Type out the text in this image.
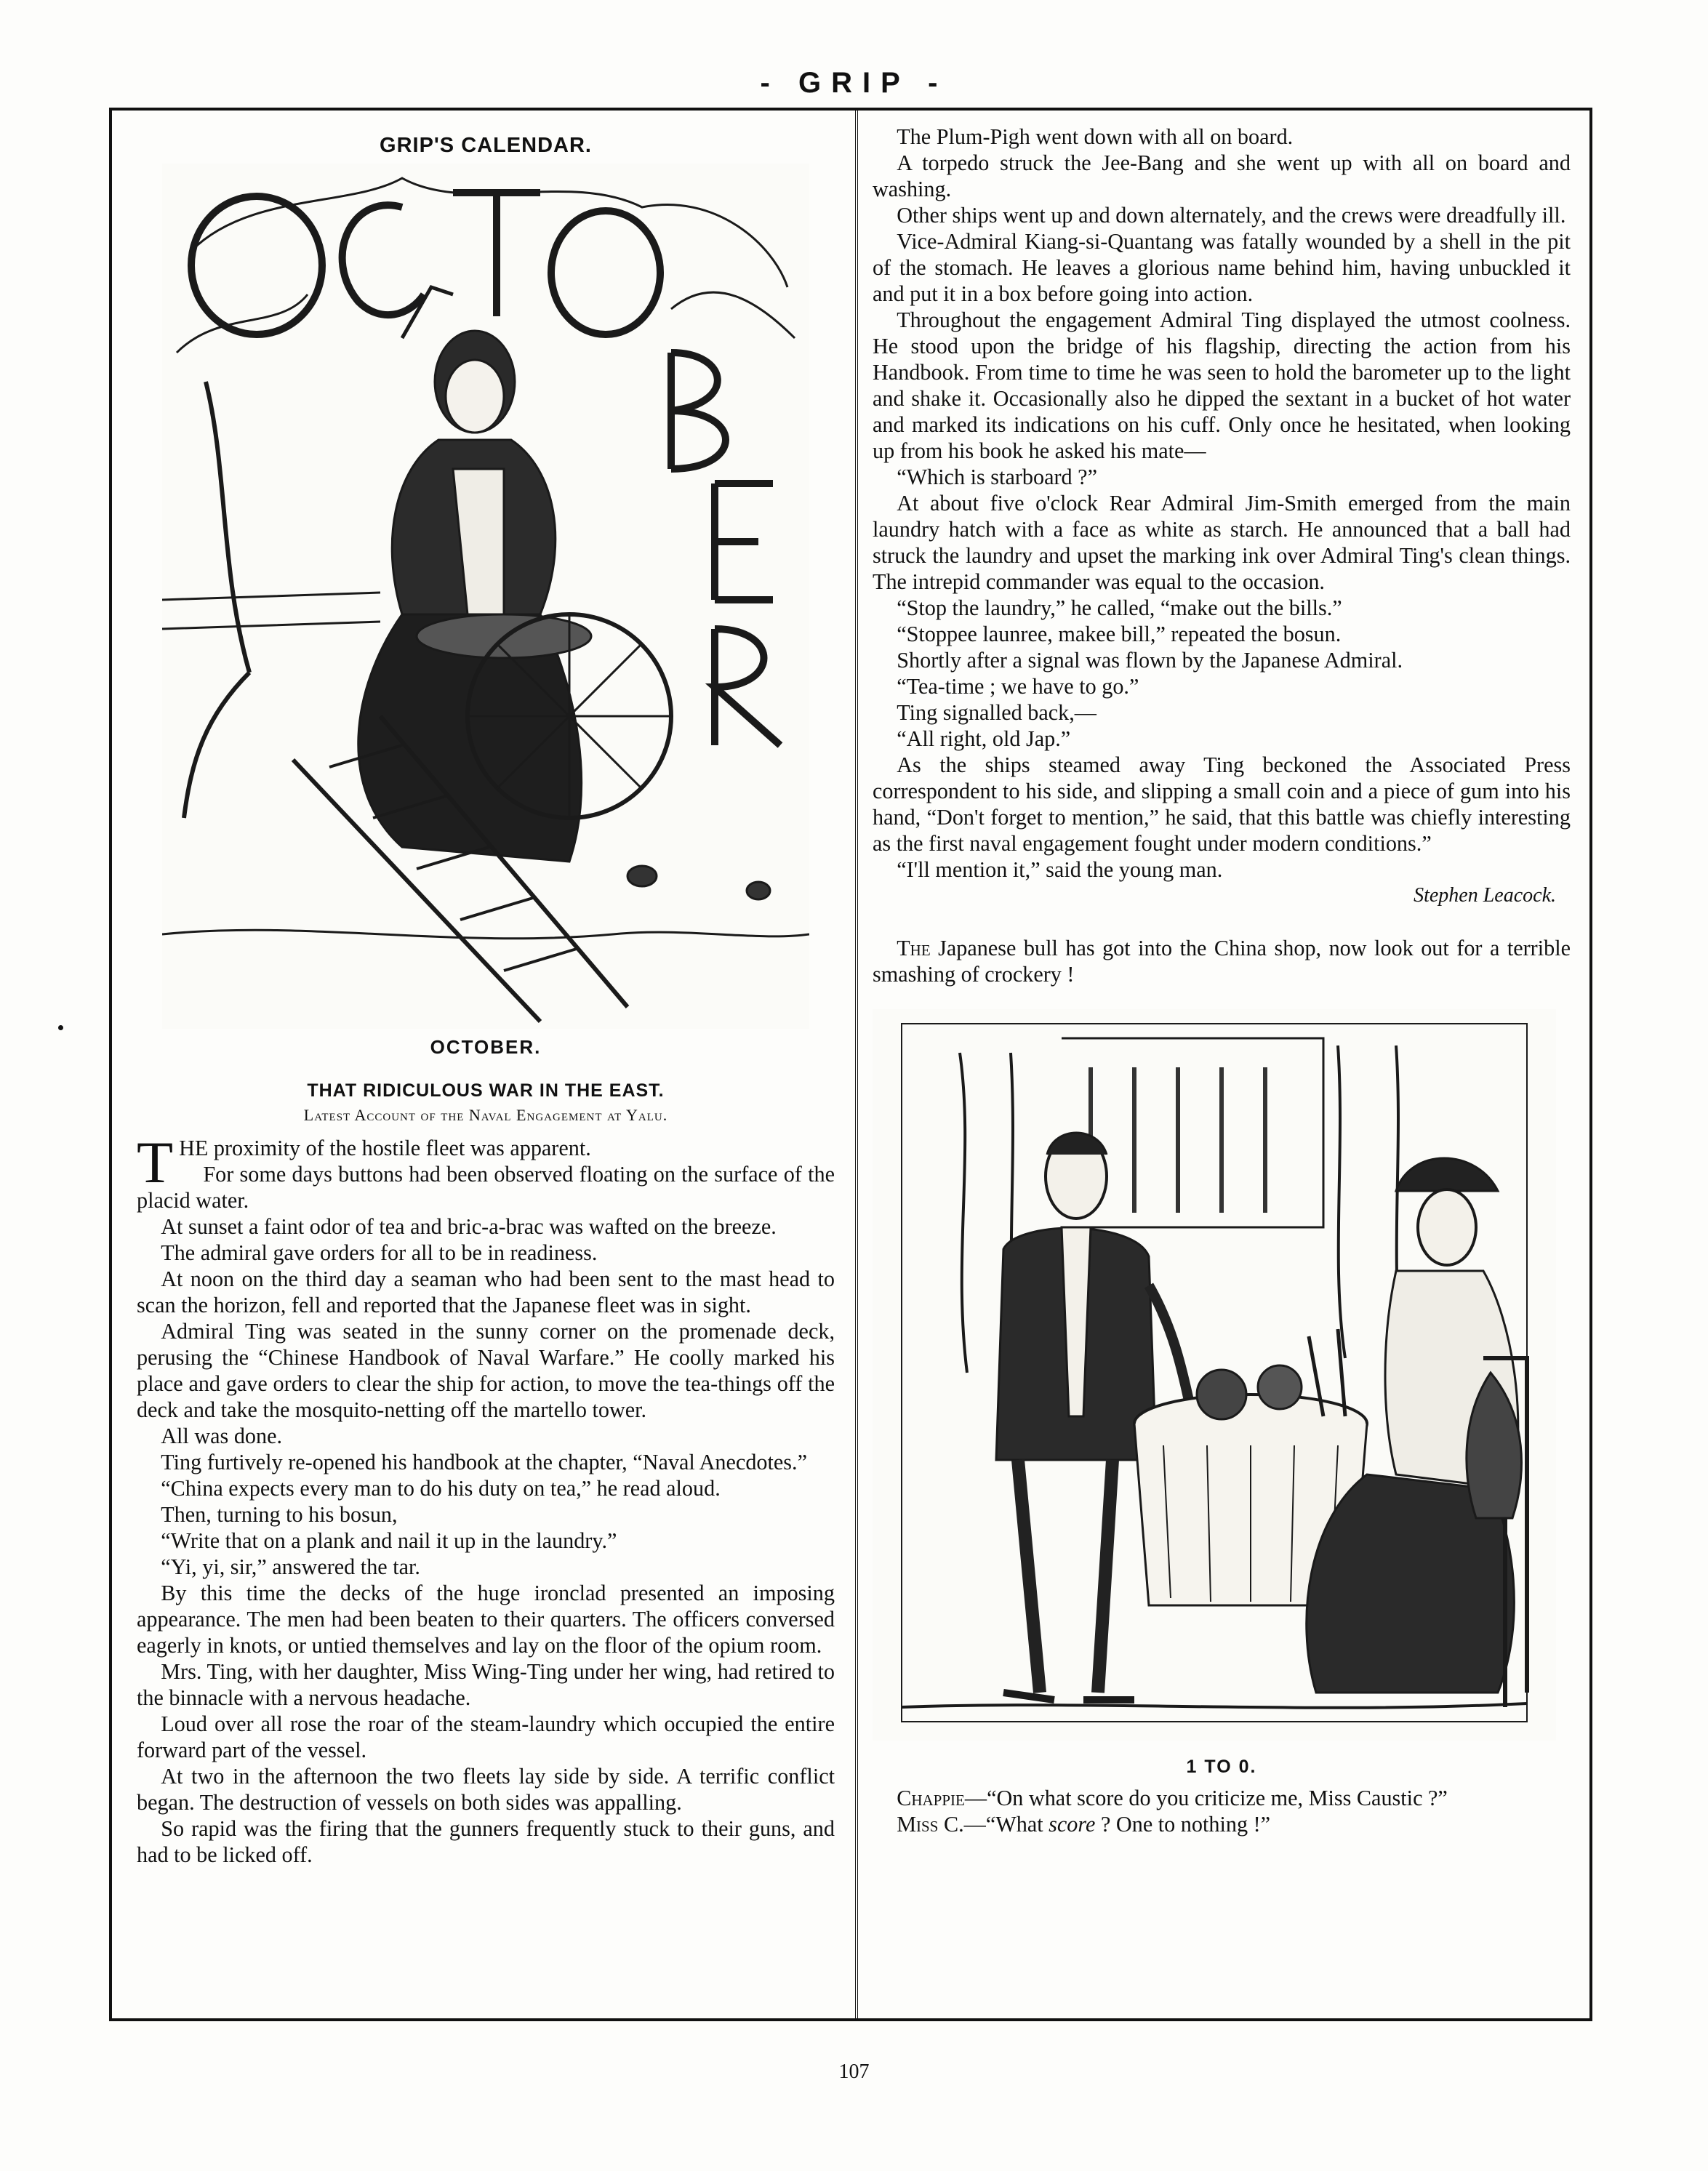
- GRIP -
GRIP'S CALENDAR.
OCTOBER.
THAT RIDICULOUS WAR IN THE EAST.
Latest Account of the Naval Engagement at Yalu.

THE proximity of the hostile fleet was apparent.

For some days buttons had been observed floating on the surface of the placid water.

At sunset a faint odor of tea and bric-a-brac was wafted on the breeze.

The admiral gave orders for all to be in readiness.

At noon on the third day a seaman who had been sent to the mast head to scan the horizon, fell and reported that the Japanese fleet was in sight.

Admiral Ting was seated in the sunny corner on the promenade deck, perusing the “Chinese Handbook of Naval Warfare.” He coolly marked his place and gave orders to clear the ship for action, to move the tea-things off the deck and take the mosquito-netting off the martello tower.

All was done.

Ting furtively re-opened his handbook at the chapter, “Naval Anecdotes.”

“China expects every man to do his duty on tea,” he read aloud.

Then, turning to his bosun,

“Write that on a plank and nail it up in the laundry.”

“Yi, yi, sir,” answered the tar.

By this time the decks of the huge ironclad presented an imposing appearance. The men had been beaten to their quarters. The officers conversed eagerly in knots, or untied themselves and lay on the floor of the opium room.

Mrs. Ting, with her daughter, Miss Wing-Ting under her wing, had retired to the binnacle with a nervous headache.

Loud over all rose the roar of the steam-laundry which occupied the entire forward part of the vessel.

At two in the afternoon the two fleets lay side by side. A terrific conflict began. The destruction of vessels on both sides was appalling.

So rapid was the firing that the gunners frequently stuck to their guns, and had to be licked off.

The Plum-Pigh went down with all on board.

A torpedo struck the Jee-Bang and she went up with all on board and washing.

Other ships went up and down alternately, and the crews were dreadfully ill.

Vice-Admiral Kiang-si-Quantang was fatally wounded by a shell in the pit of the stomach. He leaves a glorious name behind him, having unbuckled it and put it in a box before going into action.

Throughout the engagement Admiral Ting displayed the utmost coolness. He stood upon the bridge of his flagship, directing the action from his Handbook. From time to time he was seen to hold the barometer up to the light and shake it. Occasionally also he dipped the sextant in a bucket of hot water and marked its indications on his cuff. Only once he hesitated, when looking up from his book he asked his mate—

“Which is starboard ?”

At about five o'clock Rear Admiral Jim-Smith emerged from the main laundry hatch with a face as white as starch. He announced that a ball had struck the laundry and upset the marking ink over Admiral Ting's clean things. The intrepid commander was equal to the occasion.

“Stop the laundry,” he called, “make out the bills.”

“Stoppee launree, makee bill,” repeated the bosun.

Shortly after a signal was flown by the Japanese Admiral.

“Tea-time ; we have to go.”

Ting signalled back,—

“All right, old Jap.”

As the ships steamed away Ting beckoned the Associated Press correspondent to his side, and slipping a small coin and a piece of gum into his hand, “Don't forget to mention,” he said, that this battle was chiefly interesting as the first naval engagement fought under modern conditions.”

“I'll mention it,” said the young man.

Stephen Leacock.

The Japanese bull has got into the China shop, now look out for a terrible smashing of crockery !

1 TO 0.

Chappie—“On what score do you criticize me, Miss Caustic ?”

Miss C.—“What score ? One to nothing !”

107
